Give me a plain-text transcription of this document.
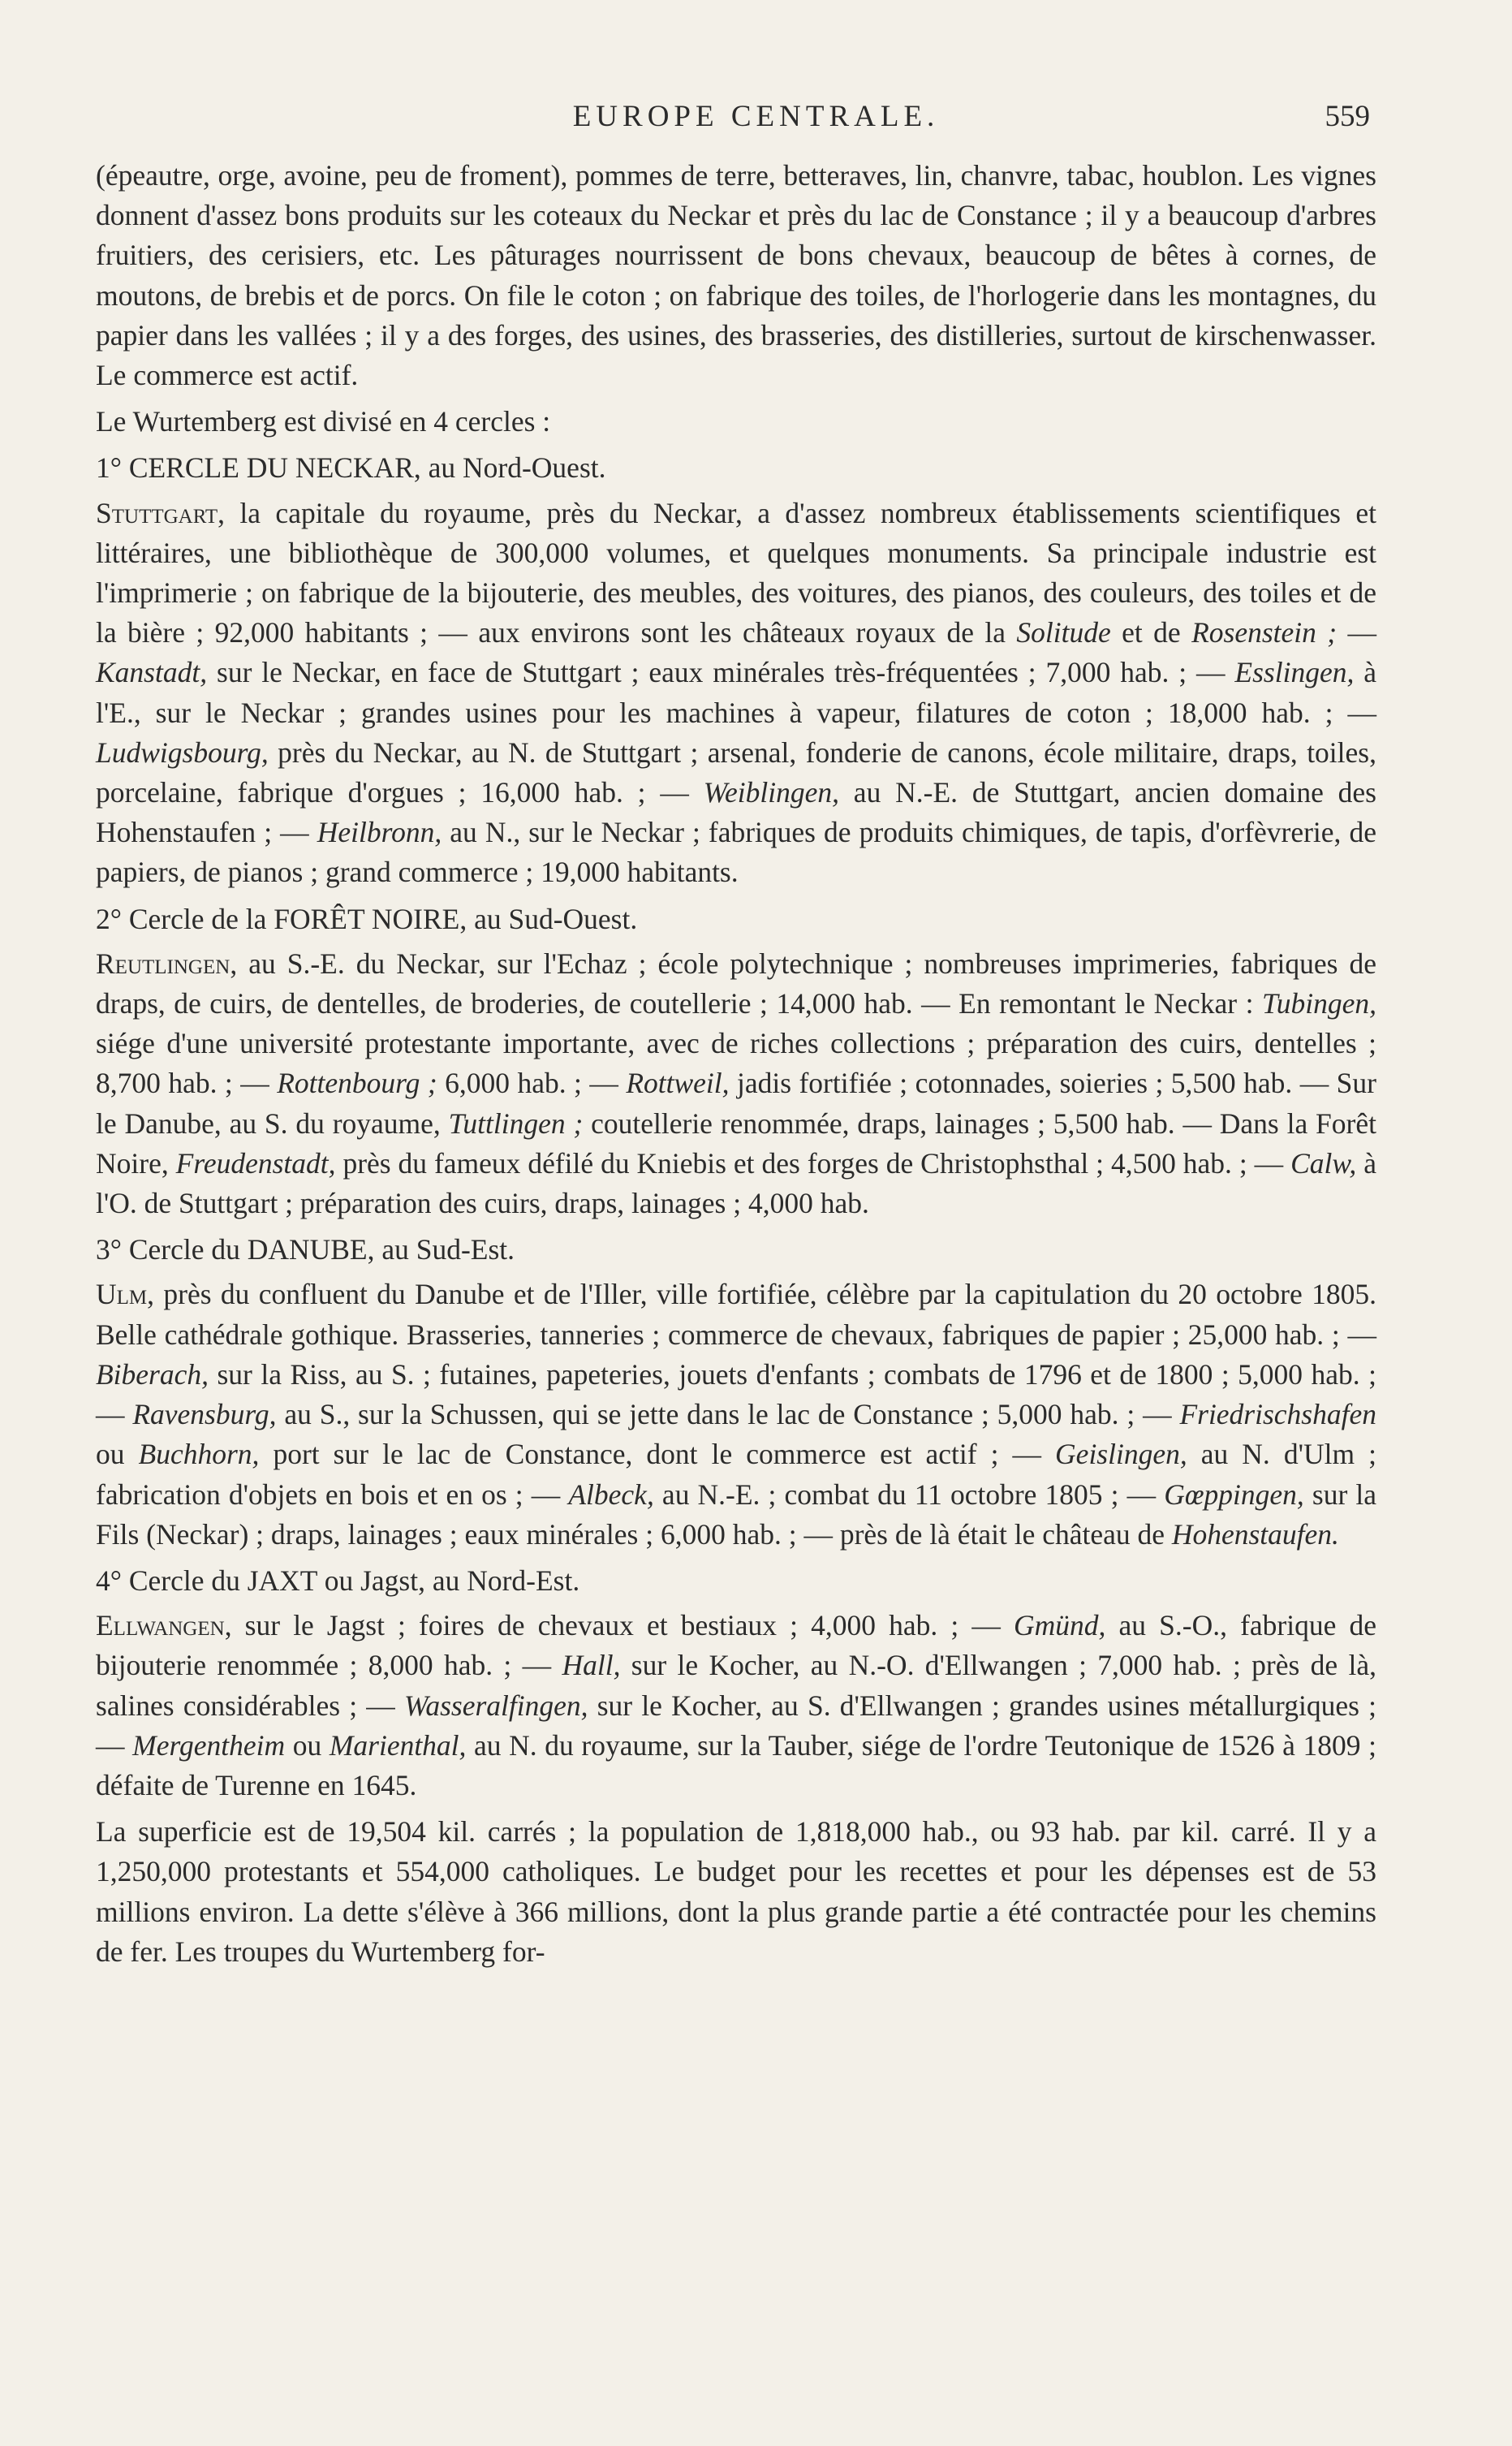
EUROPE CENTRALE.	559

(épeautre, orge, avoine, peu de froment), pommes de terre, betteraves, lin, chanvre, tabac, houblon. Les vignes donnent d'assez bons produits sur les coteaux du Neckar et près du lac de Constance ; il y a beaucoup d'arbres fruitiers, des cerisiers, etc. Les pâturages nourrissent de bons chevaux, beaucoup de bêtes à cornes, de moutons, de brebis et de porcs. On file le coton ; on fabrique des toiles, de l'horlogerie dans les montagnes, du papier dans les vallées ; il y a des forges, des usines, des brasseries, des distilleries, surtout de kirschenwasser. Le commerce est actif.

Le Wurtemberg est divisé en 4 cercles :

1° CERCLE DU NECKAR, au Nord-Ouest.

Stuttgart, la capitale du royaume, près du Neckar, a d'assez nombreux établissements scientifiques et littéraires, une bibliothèque de 300,000 volumes, et quelques monuments. Sa principale industrie est l'imprimerie ; on fabrique de la bijouterie, des meubles, des voitures, des pianos, des couleurs, des toiles et de la bière ; 92,000 habitants ; — aux environs sont les châteaux royaux de la Solitude et de Rosenstein ; — Kanstadt, sur le Neckar, en face de Stuttgart ; eaux minérales très-fréquentées ; 7,000 hab. ; — Esslingen, à l'E., sur le Neckar ; grandes usines pour les machines à vapeur, filatures de coton ; 18,000 hab. ; — Ludwigsbourg, près du Neckar, au N. de Stuttgart ; arsenal, fonderie de canons, école militaire, draps, toiles, porcelaine, fabrique d'orgues ; 16,000 hab. ; — Weiblingen, au N.-E. de Stuttgart, ancien domaine des Hohenstaufen ; — Heilbronn, au N., sur le Neckar ; fabriques de produits chimiques, de tapis, d'orfèvrerie, de papiers, de pianos ; grand commerce ; 19,000 habitants.

2° Cercle de la FORÊT NOIRE, au Sud-Ouest.

Reutlingen, au S.-E. du Neckar, sur l'Echaz ; école polytechnique ; nombreuses imprimeries, fabriques de draps, de cuirs, de dentelles, de broderies, de coutellerie ; 14,000 hab. — En remontant le Neckar : Tubingen, siége d'une université protestante importante, avec de riches collections ; préparation des cuirs, dentelles ; 8,700 hab. ; — Rottenbourg ; 6,000 hab. ; — Rottweil, jadis fortifiée ; cotonnades, soieries ; 5,500 hab. — Sur le Danube, au S. du royaume, Tuttlingen ; coutellerie renommée, draps, lainages ; 5,500 hab. — Dans la Forêt Noire, Freudenstadt, près du fameux défilé du Kniebis et des forges de Christophsthal ; 4,500 hab. ; — Calw, à l'O. de Stuttgart ; préparation des cuirs, draps, lainages ; 4,000 hab.

3° Cercle du DANUBE, au Sud-Est.

Ulm, près du confluent du Danube et de l'Iller, ville fortifiée, célèbre par la capitulation du 20 octobre 1805. Belle cathédrale gothique. Brasseries, tanneries ; commerce de chevaux, fabriques de papier ; 25,000 hab. ; — Biberach, sur la Riss, au S. ; futaines, papeteries, jouets d'enfants ; combats de 1796 et de 1800 ; 5,000 hab. ; — Ravensburg, au S., sur la Schussen, qui se jette dans le lac de Constance ; 5,000 hab. ; — Friedrischshafen ou Buchhorn, port sur le lac de Constance, dont le commerce est actif ; — Geislingen, au N. d'Ulm ; fabrication d'objets en bois et en os ; — Albeck, au N.-E. ; combat du 11 octobre 1805 ; — Gœppingen, sur la Fils (Neckar) ; draps, lainages ; eaux minérales ; 6,000 hab. ; — près de là était le château de Hohenstaufen.

4° Cercle du JAXT ou Jagst, au Nord-Est.

Ellwangen, sur le Jagst ; foires de chevaux et bestiaux ; 4,000 hab. ; — Gmünd, au S.-O., fabrique de bijouterie renommée ; 8,000 hab. ; — Hall, sur le Kocher, au N.-O. d'Ellwangen ; 7,000 hab. ; près de là, salines considérables ; — Wasseralfingen, sur le Kocher, au S. d'Ellwangen ; grandes usines métallurgiques ; — Mergentheim ou Marienthal, au N. du royaume, sur la Tauber, siége de l'ordre Teutonique de 1526 à 1809 ; défaite de Turenne en 1645.

La superficie est de 19,504 kil. carrés ; la population de 1,818,000 hab., ou 93 hab. par kil. carré. Il y a 1,250,000 protestants et 554,000 catholiques. Le budget pour les recettes et pour les dépenses est de 53 millions environ. La dette s'élève à 366 millions, dont la plus grande partie a été contractée pour les chemins de fer. Les troupes du Wurtemberg for-
